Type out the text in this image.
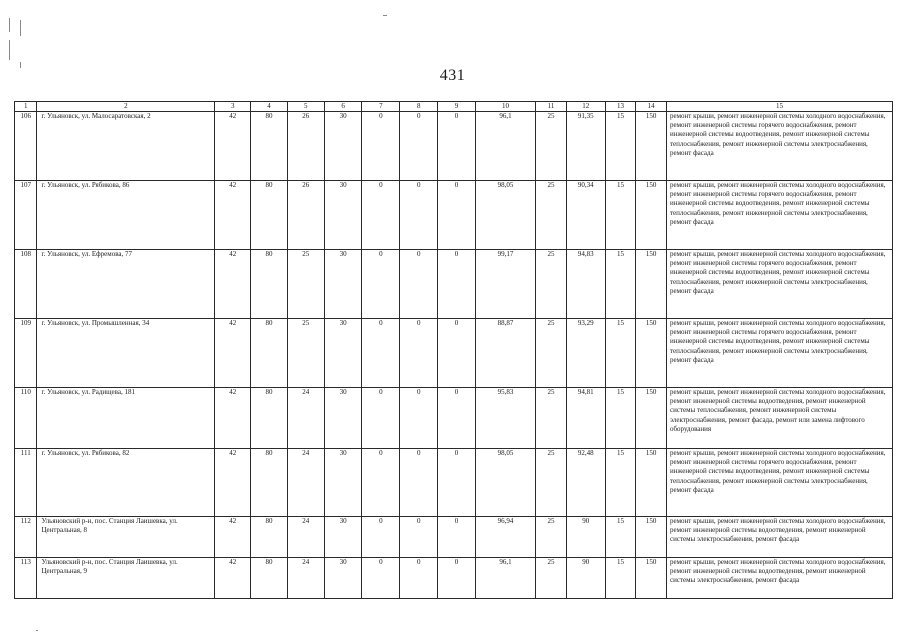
431
1	2	3	4	5	6	7	8	9	10	11	12	13	14	15
106	г. Ульяновск, ул. Малосаратовская, 2	42	80	26	30	0	0	0	96,1	25	91,35	15	150	ремонт крыши, ремонт инженерной системы холодного водоснабжения, ремонт инженерной системы горячего водоснабжения, ремонт инженерной системы водоотведения, ремонт инженерной системы теплоснабжения, ремонт инженерной системы электроснабжения, ремонт фасада
107	г. Ульяновск, ул. Рябикова, 86	42	80	26	30	0	0	0	98,05	25	90,34	15	150	ремонт крыши, ремонт инженерной системы холодного водоснабжения, ремонт инженерной системы горячего водоснабжения, ремонт инженерной системы водоотведения, ремонт инженерной системы теплоснабжения, ремонт инженерной системы электроснабжения, ремонт фасада
108	г. Ульяновск, ул. Ефремова, 77	42	80	25	30	0	0	0	99,17	25	94,83	15	150	ремонт крыши, ремонт инженерной системы холодного водоснабжения, ремонт инженерной системы горячего водоснабжения, ремонт инженерной системы водоотведения, ремонт инженерной системы теплоснабжения, ремонт инженерной системы электроснабжения, ремонт фасада
109	г. Ульяновск, ул. Промышленная, 34	42	80	25	30	0	0	0	88,87	25	93,29	15	150	ремонт крыши, ремонт инженерной системы холодного водоснабжения, ремонт инженерной системы горячего водоснабжения, ремонт инженерной системы водоотведения, ремонт инженерной системы теплоснабжения, ремонт инженерной системы электроснабжения, ремонт фасада
110	г. Ульяновск, ул. Радищева, 181	42	80	24	30	0	0	0	95,83	25	94,81	15	150	ремонт крыши, ремонт инженерной системы холодного водоснабжения, ремонт инженерной системы водоотведения, ремонт инженерной системы теплоснабжения, ремонт инженерной системы электроснабжения, ремонт фасада, ремонт или замена лифтового оборудования
111	г. Ульяновск, ул. Рябикова, 82	42	80	24	30	0	0	0	98,05	25	92,48	15	150	ремонт крыши, ремонт инженерной системы холодного водоснабжения, ремонт инженерной системы горячего водоснабжения, ремонт инженерной системы водоотведения, ремонт инженерной системы теплоснабжения, ремонт инженерной системы электроснабжения, ремонт фасада
112	Ульяновский р-н, пос. Станция Лаишевка, ул. Центральная, 8	42	80	24	30	0	0	0	96,94	25	90	15	150	ремонт крыши, ремонт инженерной системы холодного водоснабжения, ремонт инженерной системы водоотведения, ремонт инженерной системы электроснабжения, ремонт фасада
113	Ульяновский р-н, пос. Станция Лаишевка, ул. Центральная, 9	42	80	24	30	0	0	0	96,1	25	90	15	150	ремонт крыши, ремонт инженерной системы холодного водоснабжения, ремонт инженерной системы водоотведения, ремонт инженерной системы электроснабжения, ремонт фасада
